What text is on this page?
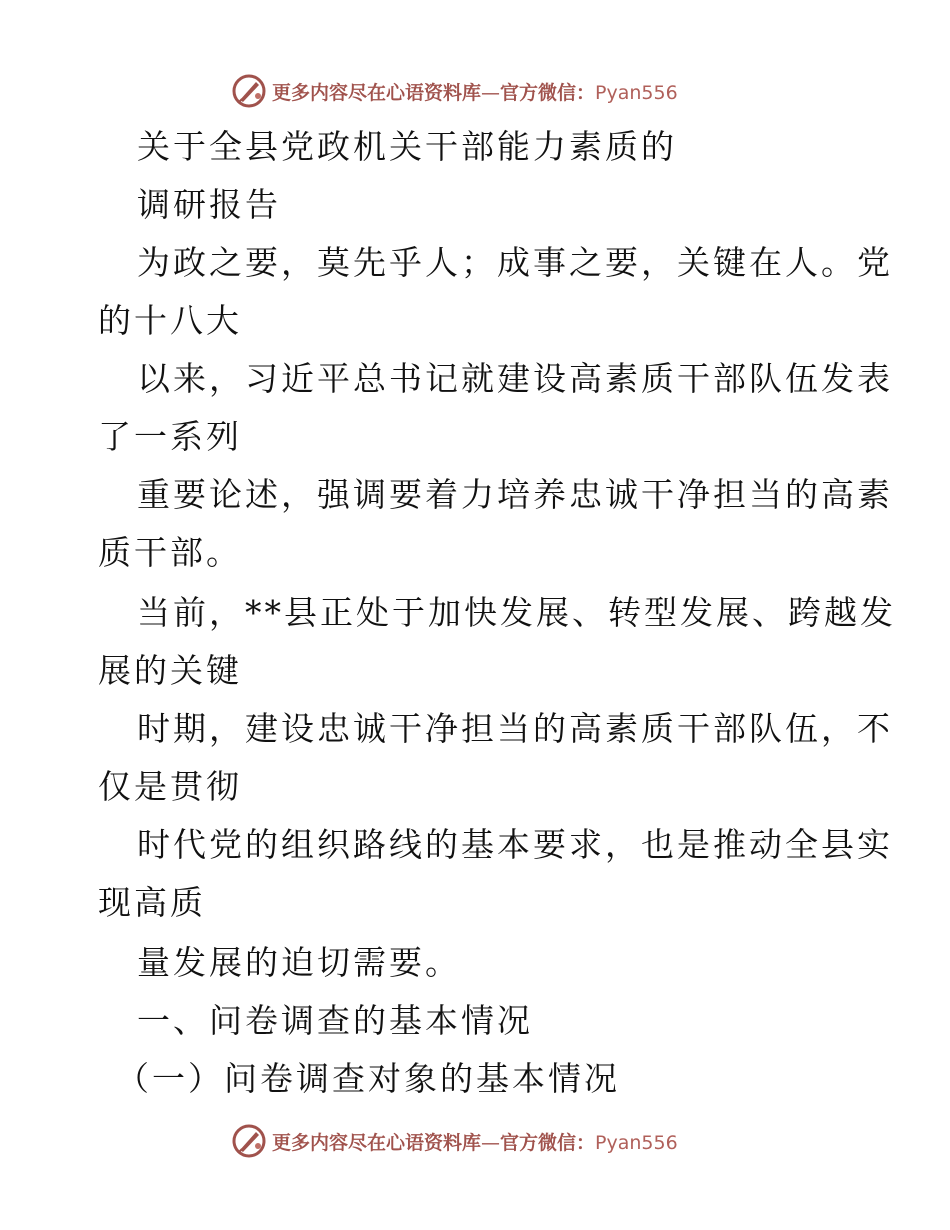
更多内容尽在心语资料库—官方微信：Pyan556
关于全县党政机关干部能力素质的
调研报告
为政之要，莫先乎人；成事之要，关键在人。党
的十八大
以来，习近平总书记就建设高素质干部队伍发表
了一系列
重要论述，强调要着力培养忠诚干净担当的高素
质干部。
当前，**县正处于加快发展、转型发展、跨越发
展的关键
时期，建设忠诚干净担当的高素质干部队伍，不
仅是贯彻
时代党的组织路线的基本要求，也是推动全县实
现高质
量发展的迫切需要。
一、问卷调查的基本情况
（一）问卷调查对象的基本情况
更多内容尽在心语资料库—官方微信：Pyan556
